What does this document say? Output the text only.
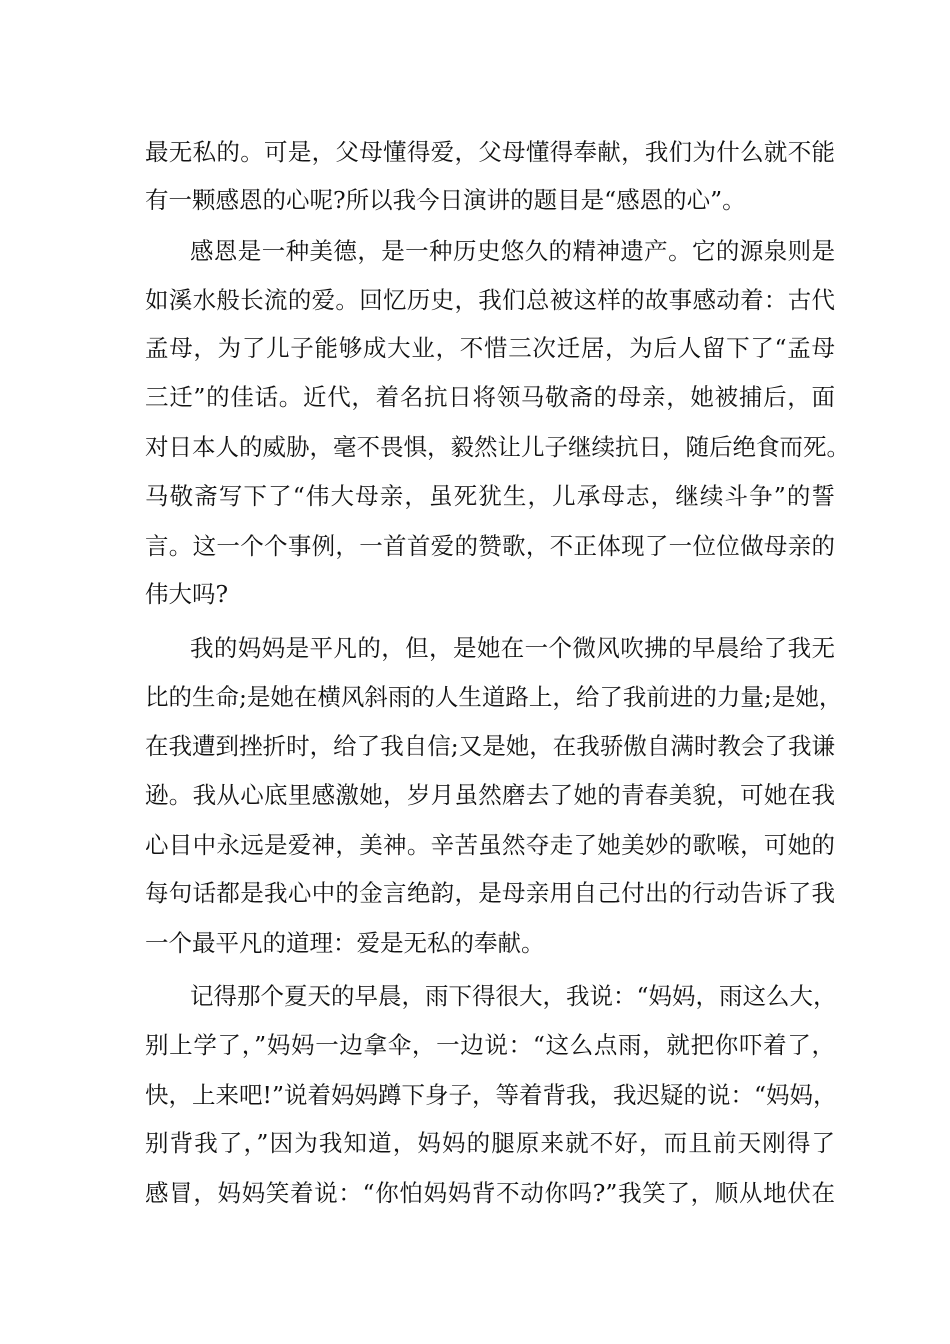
最无私的。可是，父母懂得爱，父母懂得奉献，我们为什么就不能
有一颗感恩的心呢?所以我今日演讲的题目是“感恩的心”。
感恩是一种美德，是一种历史悠久的精神遗产。它的源泉则是
如溪水般长流的爱。回忆历史，我们总被这样的故事感动着：古代
孟母，为了儿子能够成大业，不惜三次迁居，为后人留下了“孟母
三迁”的佳话。近代，着名抗日将领马敬斋的母亲，她被捕后，面
对日本人的威胁，毫不畏惧，毅然让儿子继续抗日，随后绝食而死。
马敬斋写下了“伟大母亲，虽死犹生，儿承母志，继续斗争”的誓
言。这一个个事例，一首首爱的赞歌，不正体现了一位位做母亲的
伟大吗?
我的妈妈是平凡的，但，是她在一个微风吹拂的早晨给了我无
比的生命;是她在横风斜雨的人生道路上，给了我前进的力量;是她，
在我遭到挫折时，给了我自信;又是她，在我骄傲自满时教会了我谦
逊。我从心底里感激她，岁月虽然磨去了她的青春美貌，可她在我
心目中永远是爱神，美神。辛苦虽然夺走了她美妙的歌喉，可她的
每句话都是我心中的金言绝韵，是母亲用自己付出的行动告诉了我
一个最平凡的道理：爱是无私的奉献。
记得那个夏天的早晨，雨下得很大，我说：“妈妈，雨这么大，
别上学了，”妈妈一边拿伞，一边说：“这么点雨，就把你吓着了，
快，上来吧!”说着妈妈蹲下身子，等着背我，我迟疑的说：“妈妈，
别背我了，”因为我知道，妈妈的腿原来就不好，而且前天刚得了
感冒，妈妈笑着说：“你怕妈妈背不动你吗?”我笑了，顺从地伏在
